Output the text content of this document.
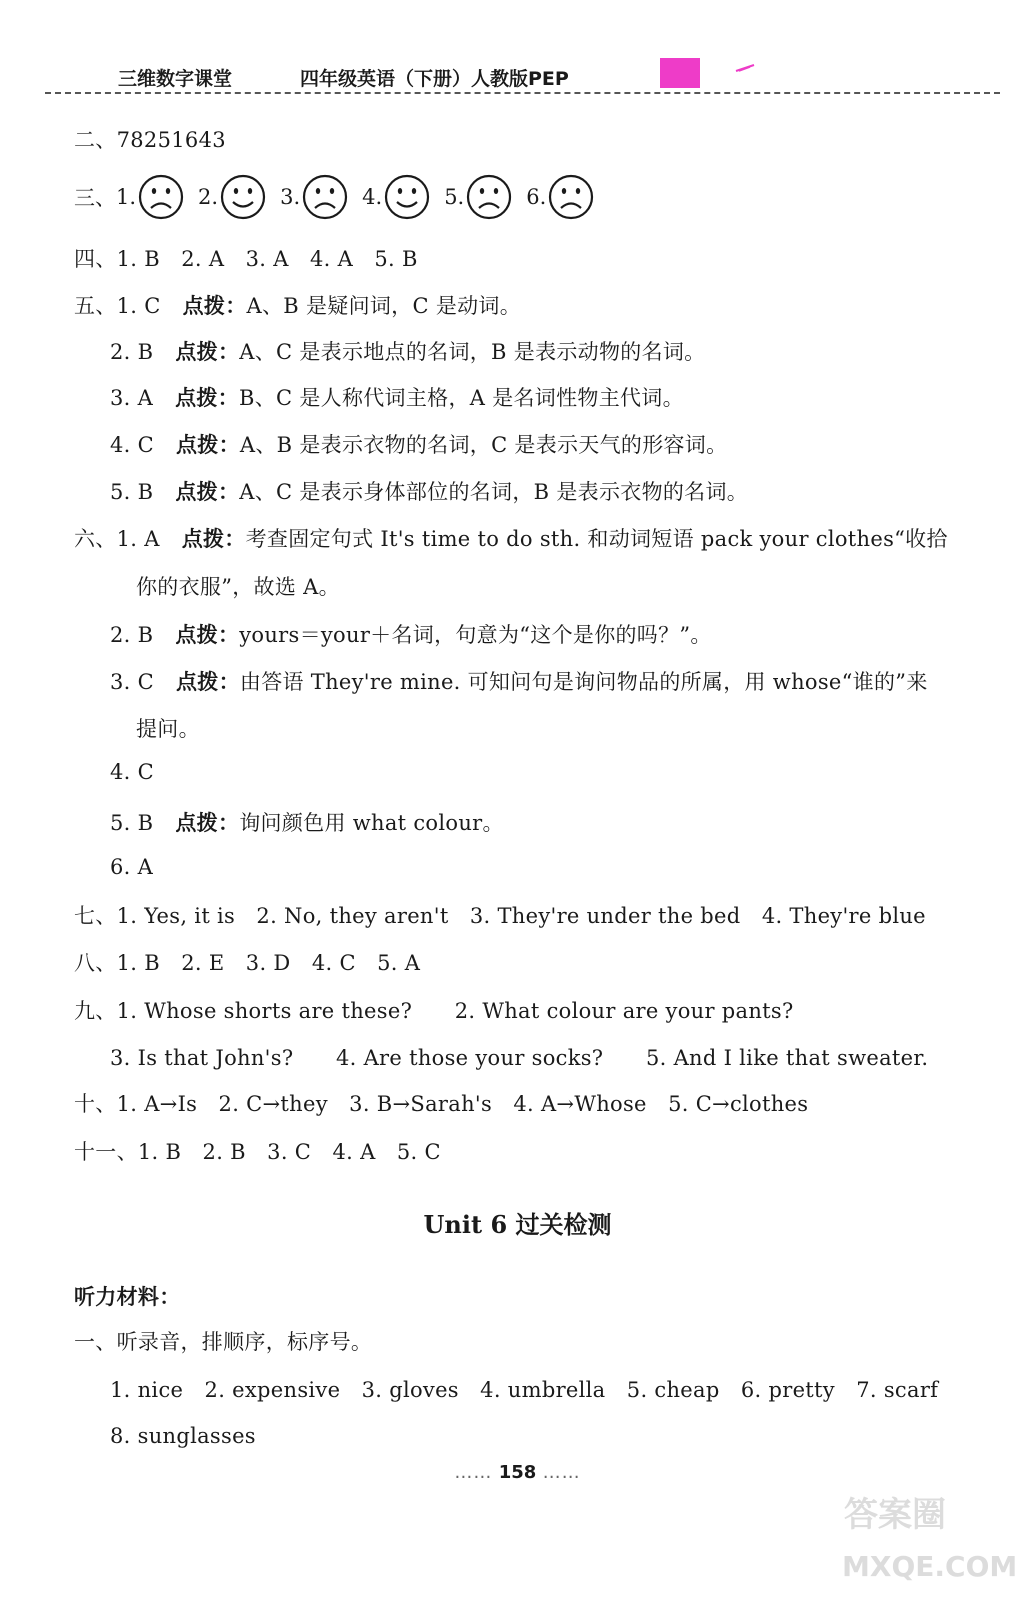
三维数字课堂	四年级英语（下册）人教版PEP
二、78251643
三、 1.	2.	3.	4.	5.	6.
四、1. B　2. A　3. A　4. A　5. B
五、1. C 点拨：A、B 是疑问词，C 是动词。
2. B 点拨：A、C 是表示地点的名词，B 是表示动物的名词。
3. A 点拨：B、C 是人称代词主格，A 是名词性物主代词。
4. C 点拨：A、B 是表示衣物的名词，C 是表示天气的形容词。
5. B 点拨：A、C 是表示身体部位的名词，B 是表示衣物的名词。
六、1. A 点拨：考查固定句式 It's time to do sth. 和动词短语 pack your clothes“收拾
你的衣服”，故选 A。
2. B 点拨：yours＝your＋名词，句意为“这个是你的吗？”。
3. C 点拨：由答语 They're mine. 可知问句是询问物品的所属，用 whose“谁的”来
提问。
4. C
5. B 点拨：询问颜色用 what colour。
6. A
七、1. Yes, it is　2. No, they aren't　3. They're under the bed　4. They're blue
八、1. B　2. E　3. D　4. C　5. A
九、1. Whose shorts are these?　　2. What colour are your pants?
3. Is that John's?　　4. Are those your socks?　　5. And I like that sweater.
十、1. A→Is　2. C→they　3. B→Sarah's　4. A→Whose　5. C→clothes
十一、1. B　2. B　3. C　4. A　5. C
Unit 6 过关检测
听力材料：
一、听录音，排顺序，标序号。
1. nice　2. expensive　3. gloves　4. umbrella　5. cheap　6. pretty　7. scarf
8. sunglasses
…… 158 ……
答案圈
MXQE.COM
